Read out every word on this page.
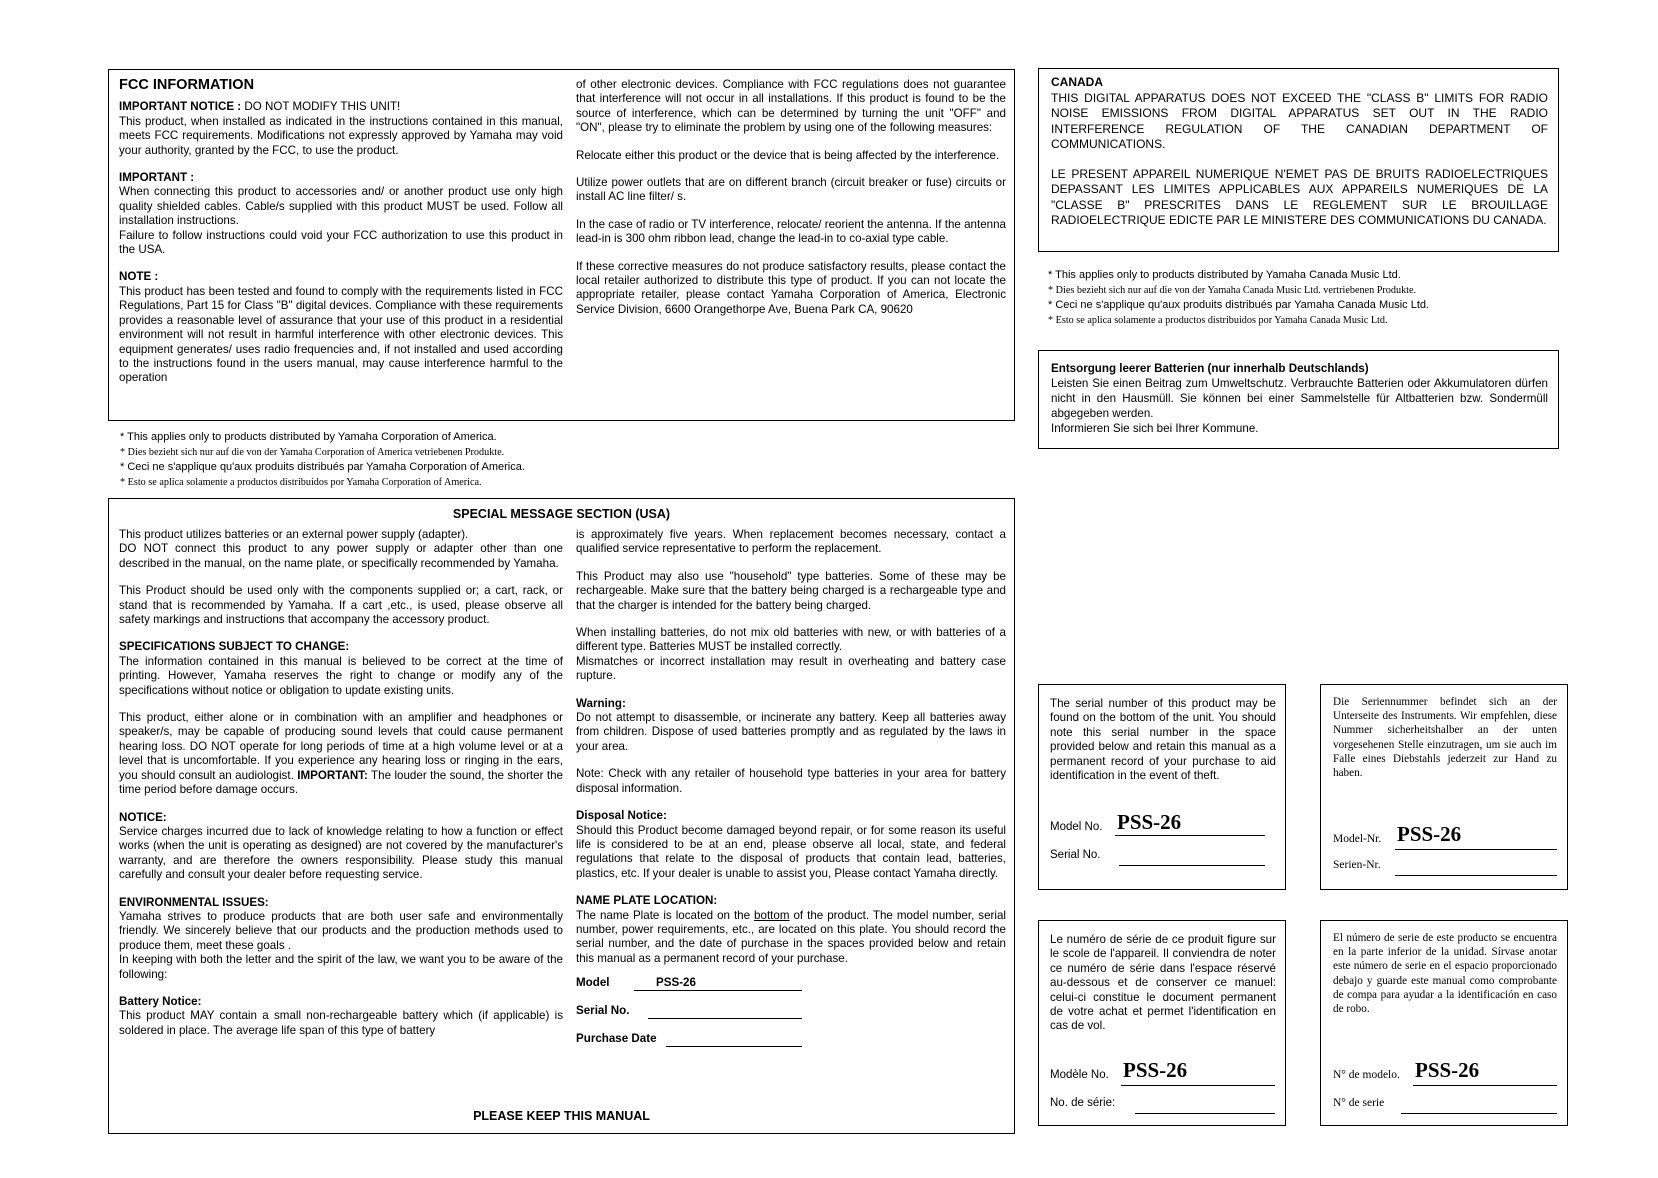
FCC INFORMATION
IMPORTANT NOTICE : DO NOT MODIFY THIS UNIT!
This product, when installed as indicated in the instructions contained in this manual, meets FCC requirements. Modifications not expressly approved by Yamaha may void your authority, granted by the FCC, to use the product.
IMPORTANT :
When connecting this product to accessories and/ or another product use only high quality shielded cables. Cable/s supplied with this product MUST be used. Follow all installation instructions.
Failure to follow instructions could void your FCC authorization to use this product in the USA.
NOTE :
This product has been tested and found to comply with the requirements listed in FCC Regulations, Part 15 for Class "B" digital devices. Compliance with these requirements provides a reasonable level of assurance that your use of this product in a residential environment will not result in harmful interference with other electronic devices. This equipment generates/ uses radio frequencies and, if not installed and used according to the instructions found in the users manual, may cause interference harmful to the operation
of other electronic devices. Compliance with FCC regulations does not guarantee that interference will not occur in all installations. If this product is found to be the source of interference, which can be determined by turning the unit "OFF" and "ON", please try to eliminate the problem by using one of the following measures:
Relocate either this product or the device that is being affected by the interference.
Utilize power outlets that are on different branch (circuit breaker or fuse) circuits or install AC line filter/ s.
In the case of radio or TV interference, relocate/ reorient the antenna. If the antenna lead-in is 300 ohm ribbon lead, change the lead-in to co-axial type cable.
If these corrective measures do not produce satisfactory results, please contact the local retailer authorized to distribute this type of product. If you can not locate the appropriate retailer, please contact Yamaha Corporation of America, Electronic Service Division, 6600 Orangethorpe Ave, Buena Park CA, 90620
* This applies only to products distributed by Yamaha Corporation of America.
* Dies bezieht sich nur auf die von der Yamaha Corporation of America vetriebenen Produkte.
* Ceci ne s'applique qu'aux produits distribués par Yamaha Corporation of America.
* Esto se aplica solamente a productos distribuidos por Yamaha Corporation of America.
SPECIAL MESSAGE SECTION (USA)
This product utilizes batteries or an external power supply (adapter).
DO NOT connect this product to any power supply or adapter other than one described in the manual, on the name plate, or specifically recommended by Yamaha.
This Product should be used only with the components supplied or; a cart, rack, or stand that is recommended by Yamaha. If a cart ,etc., is used, please observe all safety markings and instructions that accompany the accessory product.
SPECIFICATIONS SUBJECT TO CHANGE:
The information contained in this manual is believed to be correct at the time of printing. However, Yamaha reserves the right to change or modify any of the specifications without notice or obligation to update existing units.
This product, either alone or in combination with an amplifier and headphones or speaker/s, may be capable of producing sound levels that could cause permanent hearing loss. DO NOT operate for long periods of time at a high volume level or at a level that is uncomfortable. If you experience any hearing loss or ringing in the ears, you should consult an audiologist. IMPORTANT: The louder the sound, the shorter the time period before damage occurs.
NOTICE:
Service charges incurred due to lack of knowledge relating to how a function or effect works (when the unit is operating as designed) are not covered by the manufacturer's warranty, and are therefore the owners responsibility. Please study this manual carefully and consult your dealer before requesting service.
ENVIRONMENTAL ISSUES:
Yamaha strives to produce products that are both user safe and environmentally friendly. We sincerely believe that our products and the production methods used to produce them, meet these goals .
In keeping with both the letter and the spirit of the law, we want you to be aware of the following:
Battery Notice:
This product MAY contain a small non-rechargeable battery which (if applicable) is soldered in place. The average life span of this type of battery
is approximately five years. When replacement becomes necessary, contact a qualified service representative to perform the replacement.
This Product may also use "household" type batteries. Some of these may be rechargeable. Make sure that the battery being charged is a rechargeable type and that the charger is intended for the battery being charged.
When installing batteries, do not mix old batteries with new, or with batteries of a different type. Batteries MUST be installed correctly.
Mismatches or incorrect installation may result in overheating and battery case rupture.
Warning:
Do not attempt to disassemble, or incinerate any battery. Keep all batteries away from children. Dispose of used batteries promptly and as regulated by the laws in your area.
Note: Check with any retailer of household type batteries in your area for battery disposal information.
Disposal Notice:
Should this Product become damaged beyond repair, or for some reason its useful life is considered to be at an end, please observe all local, state, and federal regulations that relate to the disposal of products that contain lead, batteries, plastics, etc. If your dealer is unable to assist you, Please contact Yamaha directly.
NAME PLATE LOCATION:
The name Plate is located on the bottom of the product. The model number, serial number, power requirements, etc., are located on this plate. You should record the serial number, and the date of purchase in the spaces provided below and retain this manual as a permanent record of your purchase.
Model	PSS-26
Serial No.
Purchase Date
PLEASE KEEP THIS MANUAL
CANADA
THIS DIGITAL APPARATUS DOES NOT EXCEED THE "CLASS B" LIMITS FOR RADIO NOISE EMISSIONS FROM DIGITAL APPARATUS SET OUT IN THE RADIO INTERFERENCE REGULATION OF THE CANADIAN DEPARTMENT OF COMMUNICATIONS.
LE PRESENT APPAREIL NUMERIQUE N'EMET PAS DE BRUITS RADIOELECTRIQUES DEPASSANT LES LIMITES APPLICABLES AUX APPAREILS NUMERIQUES DE LA "CLASSE B" PRESCRITES DANS LE REGLEMENT SUR LE BROUILLAGE RADIOELECTRIQUE EDICTE PAR LE MINISTERE DES COMMUNICATIONS DU CANADA.
* This applies only to products distributed by Yamaha Canada Music Ltd.
* Dies bezieht sich nur auf die von der Yamaha Canada Music Ltd. vertriebenen Produkte.
* Ceci ne s'applique qu'aux produits distribués par Yamaha Canada Music Ltd.
* Esto se aplica solamente a productos distribuidos por Yamaha Canada Music Ltd.
Entsorgung leerer Batterien (nur innerhalb Deutschlands)
Leisten Sie einen Beitrag zum Umweltschutz. Verbrauchte Batterien oder Akkumulatoren dürfen nicht in den Hausmüll. Sie können bei einer Sammelstelle für Altbatterien bzw. Sondermüll abgegeben werden.
Informieren Sie sich bei Ihrer Kommune.
The serial number of this product may be found on the bottom of the unit. You should note this serial number in the space provided below and retain this manual as a permanent record of your purchase to aid identification in the event of theft.
Model No. PSS-26
Serial No.
Die Seriennummer befindet sich an der Unterseite des Instruments. Wir empfehlen, diese Nummer sicherheitshalber an der unten vorgesehenen Stelle einzutragen, um sie auch im Falle eines Diebstahls jederzeit zur Hand zu haben.
Model-Nr. PSS-26
Serien-Nr.
Le numéro de série de ce produit figure sur le scole de l'appareil. Il conviendra de noter ce numéro de série dans l'espace réservé au-dessous et de conserver ce manuel: celui-ci constitue le document permanent de votre achat et permet l'identification en cas de vol.
Modèle No. PSS-26
No. de série:
El número de serie de este producto se encuentra en la parte inferior de la unidad. Sírvase anotar este número de serie en el espacio proporcionado debajo y guarde este manual como comprobante de compa para ayudar a la identificación en caso de robo.
N° de modelo. PSS-26
N° de serie
